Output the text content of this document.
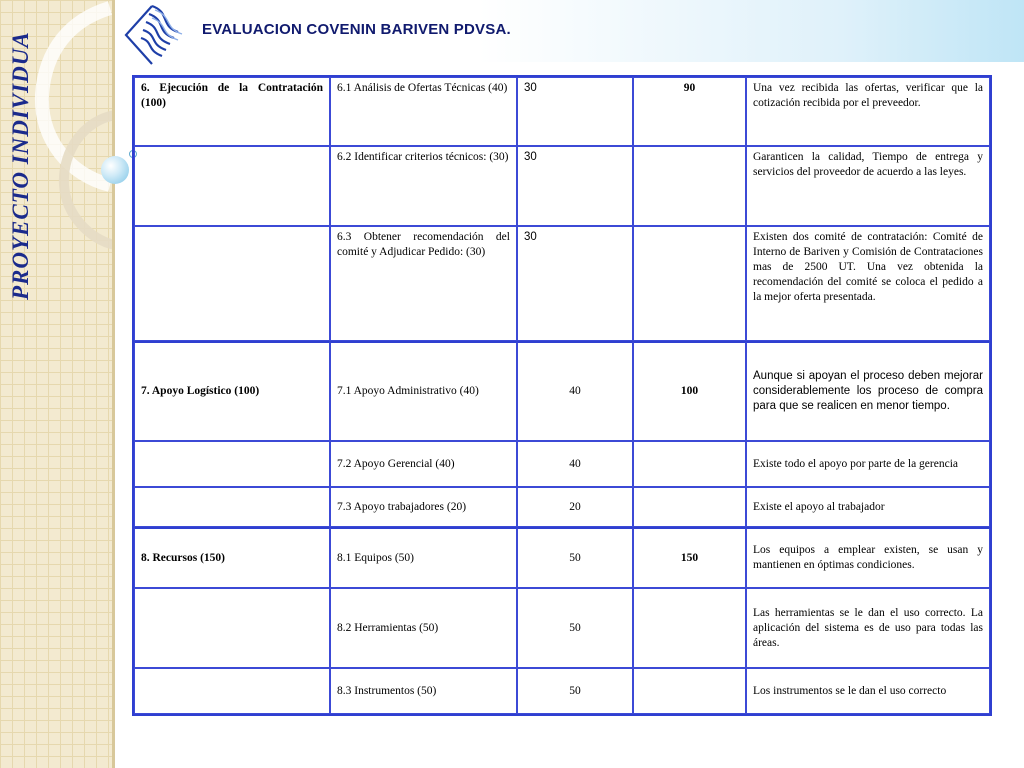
PROYECTO INDIVIDUA
EVALUACION COVENIN BARIVEN PDVSA.
6. Ejecución de la Contratación (100)	6.1 Análisis de Ofertas Técnicas (40)	30	90	Una vez recibida las ofertas, verificar que la cotización recibida por el preveedor.
	6.2 Identificar criterios técnicos: (30)	30		Garanticen la calidad, Tiempo de entrega y servicios del proveedor de acuerdo a las leyes.
	6.3 Obtener recomendación del comité y Adjudicar Pedido: (30)	30		Existen dos comité de contratación: Comité de Interno de Bariven y Comisión de Contrataciones mas de 2500 UT. Una vez obtenida la recomendación del comité se coloca el pedido a la mejor oferta presentada.
7. Apoyo Logístico (100)	7.1 Apoyo Administrativo (40)	40	100	Aunque si apoyan el proceso deben mejorar considerablemente los proceso de compra para que se realicen en menor tiempo.
	7.2 Apoyo Gerencial (40)	40		Existe todo el apoyo por parte de la gerencia
	7.3 Apoyo trabajadores (20)	20		Existe el apoyo al trabajador
8. Recursos (150)	8.1 Equipos (50)	50	150	Los equipos a emplear existen, se usan y mantienen en óptimas condiciones.
	8.2 Herramientas (50)	50		Las herramientas se le dan el uso correcto. La aplicación del sistema es de uso para todas las áreas.
	8.3 Instrumentos (50)	50		Los instrumentos se le dan el uso correcto
